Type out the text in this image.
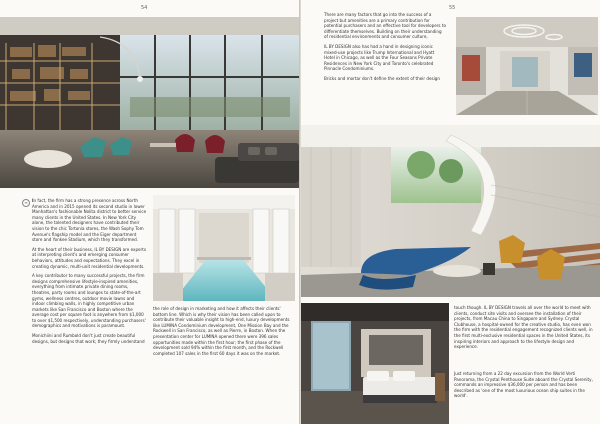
54
≡	In fact, the firm has a strong presence across North America and in 2015 opened its second studio in lower Manhattan's fashionable Nolita district to better service many clients in the United States. In New York City alone, the talented designers have contributed their vision to the chic Tortonia stores, the Wash Sophy Tom Avenue's flagship model and the Eiger department store and Yonkee Stadium, which they transformed.

At the heart of their business, IL BY DESIGN are experts at interpreting client's and emerging consumer behaviors, attitudes and expectations. They excel in creating dynamic, multi-unit residential developments.

A key contributor to many successful projects, the firm designs comprehensive lifestyle-inspired amenities, everything from intimate private dining rooms, theatres, party rooms and lounges to state-of-the-art gyms, wellness centres, outdoor movie lawns and indoor climbing walls, in highly competitive urban markets like San Francisco and Boston where the average cost per square foot is anywhere from $1,000 to over $1,500 respectively, understanding purchasers' demographics and motivations is paramount.

Monichiini and Rumbold don't just create beautiful designs, but designs that work; they firmly understand

the role of design in marketing and how it affects their clients' bottom line. Which is why their vision has been called upon to contribute their valuable insight to high-end, luxury developments like LUMINA Condominium development, One Mission Bay and the Rockwell in San Francisco, as well as Pierre, in Boston. When the presentation center for LUMINA opened there were 396 sales opportunities made within the first hour; the first phase of the development sold 94% within the first month, and the Rockwell completed 107 sales in the first 60 days it was on the market.

55

There are many factors that go into the success of a project but amenities are a primary contribution for potential purchasers and an effective tool for developers to differentiate themselves. Building on their understanding of residential environments and consumer culture,

IL BY DESIGN also has had a hand in designing iconic mixed-use projects like Trump International and Hyatt Hotel in Chicago, as well as the Four Seasons Private Residences in New York City and Toronto's celebrated Pinnacle Condominiums.

Bricks and mortar don't define the extent of their design

touch though. IL BY DESIGN travels all over the world to meet with clients, conduct site visits and oversee the installation of their projects, from Macau China to Singapore and Sydney. Crystal Clubhouse, a hospital-owned for the creative studio, has even won the firm with the residential engagement recognized clients well, in the first multi-exclusive residential spaces in the United States, its inspiring interiors and approach to the lifestyle design and experience.

Just returning from a 22 day excursion from the World Verti Panorama, the Crystal Penthouse Suite aboard the Crystal Serenity, commands an impressive $36,000 per person and has been described as 'one of the most luxurious ocean ship suites in the world'.
